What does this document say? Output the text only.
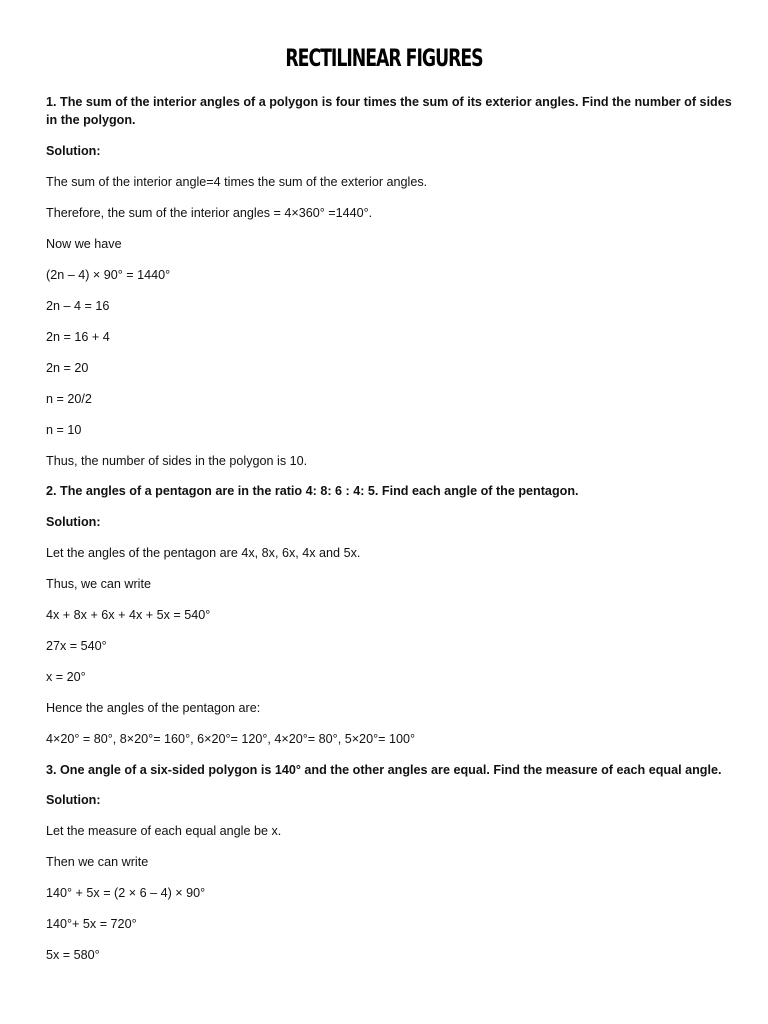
RECTILINEAR FIGURES
1. The sum of the interior angles of a polygon is four times the sum of its exterior angles. Find the number of sides in the polygon.
Solution:
The sum of the interior angle=4 times the sum of the exterior angles.
Therefore, the sum of the interior angles = 4×360° =1440°.
Now we have
(2n – 4) × 90° = 1440°
2n – 4 = 16
2n = 16 + 4
2n = 20
n = 20/2
n = 10
Thus, the number of sides in the polygon is 10.
2. The angles of a pentagon are in the ratio 4: 8: 6 : 4: 5. Find each angle of the pentagon.
Solution:
Let the angles of the pentagon are 4x, 8x, 6x, 4x and 5x.
Thus, we can write
4x + 8x + 6x + 4x + 5x = 540°
27x = 540°
x = 20°
Hence the angles of the pentagon are:
4×20° = 80°, 8×20°= 160°, 6×20°= 120°, 4×20°= 80°, 5×20°= 100°
3. One angle of a six-sided polygon is 140° and the other angles are equal. Find the measure of each equal angle.
Solution:
Let the measure of each equal angle be x.
Then we can write
140° + 5x = (2 × 6 – 4) × 90°
140°+ 5x = 720°
5x = 580°
